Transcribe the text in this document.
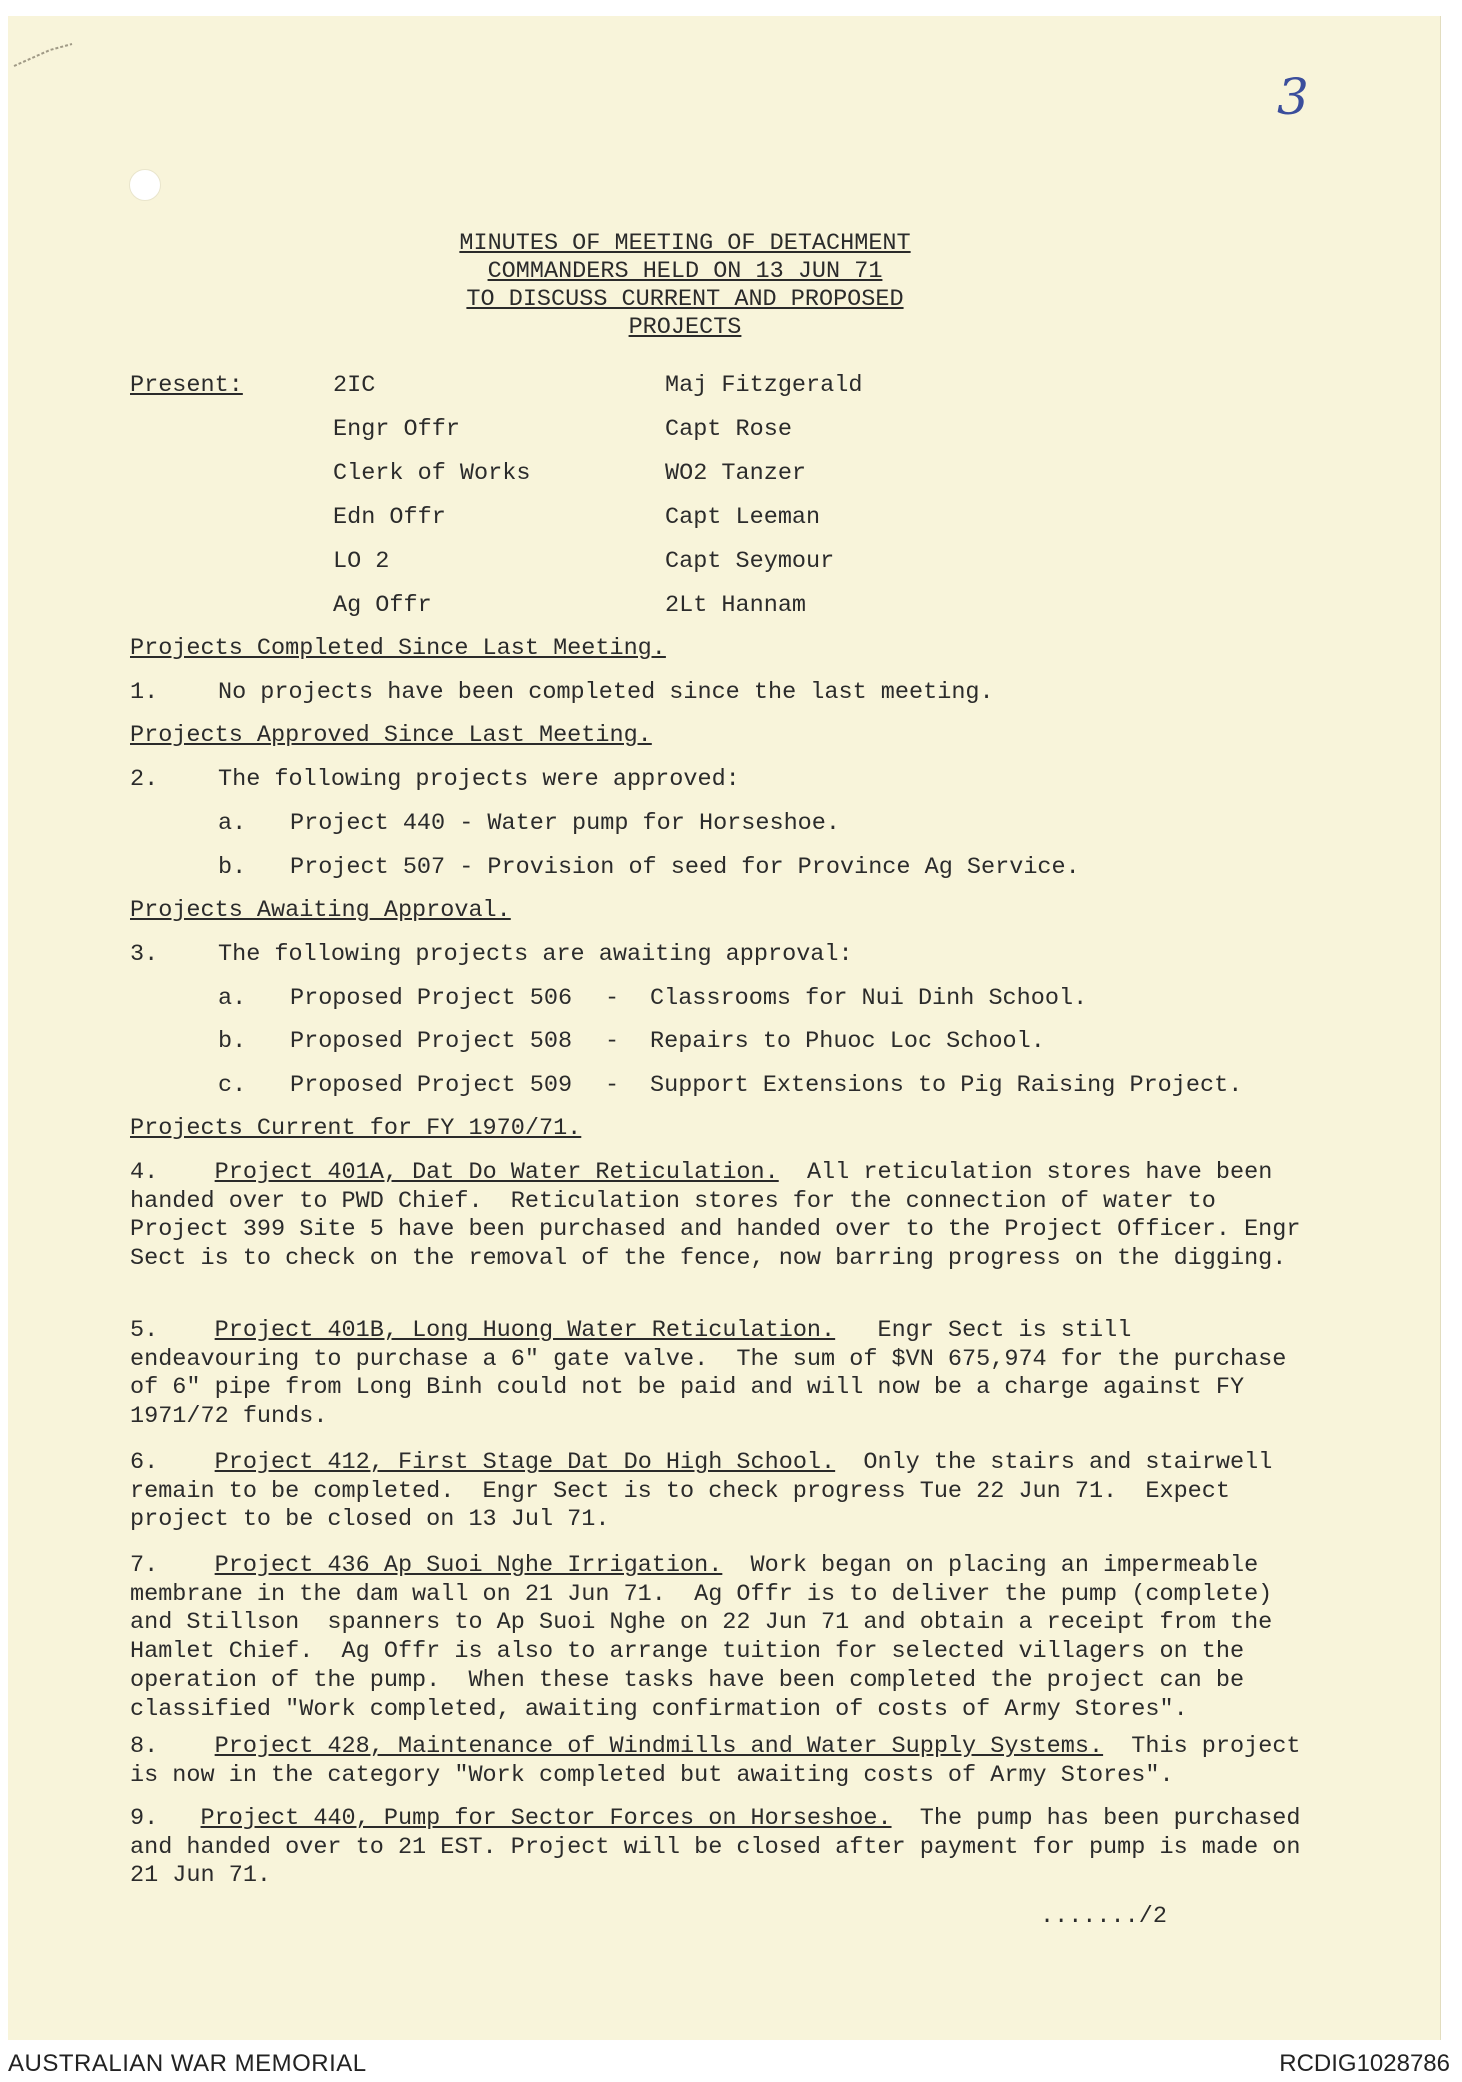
3
MINUTES OF MEETING OF DETACHMENT
COMMANDERS HELD ON 13 JUN 71
TO DISCUSS CURRENT AND PROPOSED
PROJECTS
Present:	2IC	Maj Fitzgerald
Engr Offr	Capt Rose
Clerk of Works	WO2 Tanzer
Edn Offr	Capt Leeman
LO 2	Capt Seymour
Ag Offr	2Lt Hannam
Projects Completed Since Last Meeting.
1.	No projects have been completed since the last meeting.
Projects Approved Since Last Meeting.
2.	The following projects were approved:
a. Project 440 - Water pump for Horseshoe.
b. Project 507 - Provision of seed for Province Ag Service.
Projects Awaiting Approval.
3.	The following projects are awaiting approval:
a. Proposed Project 506 - Classrooms for Nui Dinh School.
b. Proposed Project 508 - Repairs to Phuoc Loc School.
c. Proposed Project 509 - Support Extensions to Pig Raising Project.
Projects Current for FY 1970/71.
4. Project 401A, Dat Do Water Reticulation.  All reticulation stores have been handed over to PWD Chief.  Reticulation stores for the connection of water to Project 399 Site 5 have been purchased and handed over to the Project Officer. Engr Sect is to check on the removal of the fence, now barring progress on the digging.
5. Project 401B, Long Huong Water Reticulation.   Engr Sect is still endeavouring to purchase a 6" gate valve.  The sum of $VN 675,974 for the purchase of 6" pipe from Long Binh could not be paid and will now be a charge against FY 1971/72 funds.
6. Project 412, First Stage Dat Do High School.  Only the stairs and stairwell remain to be completed.  Engr Sect is to check progress Tue 22 Jun 71.  Expect project to be closed on 13 Jul 71.
7. Project 436 Ap Suoi Nghe Irrigation.  Work began on placing an impermeable membrane in the dam wall on 21 Jun 71.  Ag Offr is to deliver the pump (complete) and Stillson  spanners to Ap Suoi Nghe on 22 Jun 71 and obtain a receipt from the Hamlet Chief.  Ag Offr is also to arrange tuition for selected villagers on the operation of the pump.  When these tasks have been completed the project can be classified "Work completed, awaiting confirmation of costs of Army Stores".
8. Project 428, Maintenance of Windmills and Water Supply Systems.  This project is now in the category "Work completed but awaiting costs of Army Stores".
9. Project 440, Pump for Sector Forces on Horseshoe.  The pump has been purchased and handed over to 21 EST. Project will be closed after payment for pump is made on 21 Jun 71.
......./2
AUSTRALIAN WAR MEMORIAL	RCDIG1028786
